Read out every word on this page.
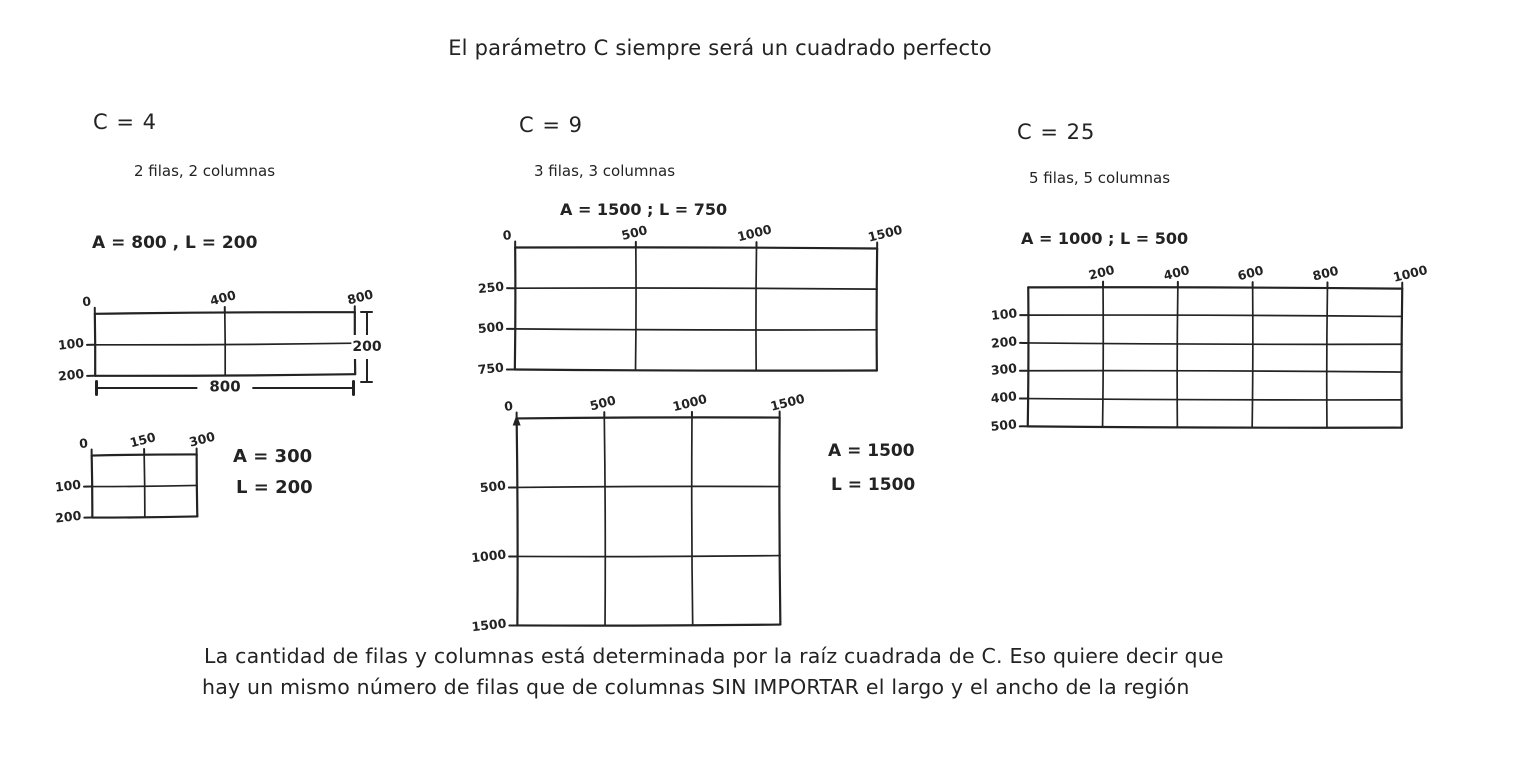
El parámetro C siempre será un cuadrado perfecto
C = 4
2 filas, 2 columnas
A = 800 , L = 200
0	400	800
100
200
800
200
0	150 300
100
200
A = 300
L = 200
C = 9
3 filas, 3 columnas
A = 1500 ; L = 750
0	500	1000	1500
250
500
750
0	500	1000	1500
500
1000
1500
A = 1500
L = 1500
C = 25
5 filas, 5 columnas
A = 1000 ; L = 500
200	400	600	800	1000
100
200
300
400
500
La cantidad de filas y columnas está determinada por la raíz cuadrada de C. Eso quiere decir que
hay un mismo número de filas que de columnas SIN IMPORTAR el largo y el ancho de la región
